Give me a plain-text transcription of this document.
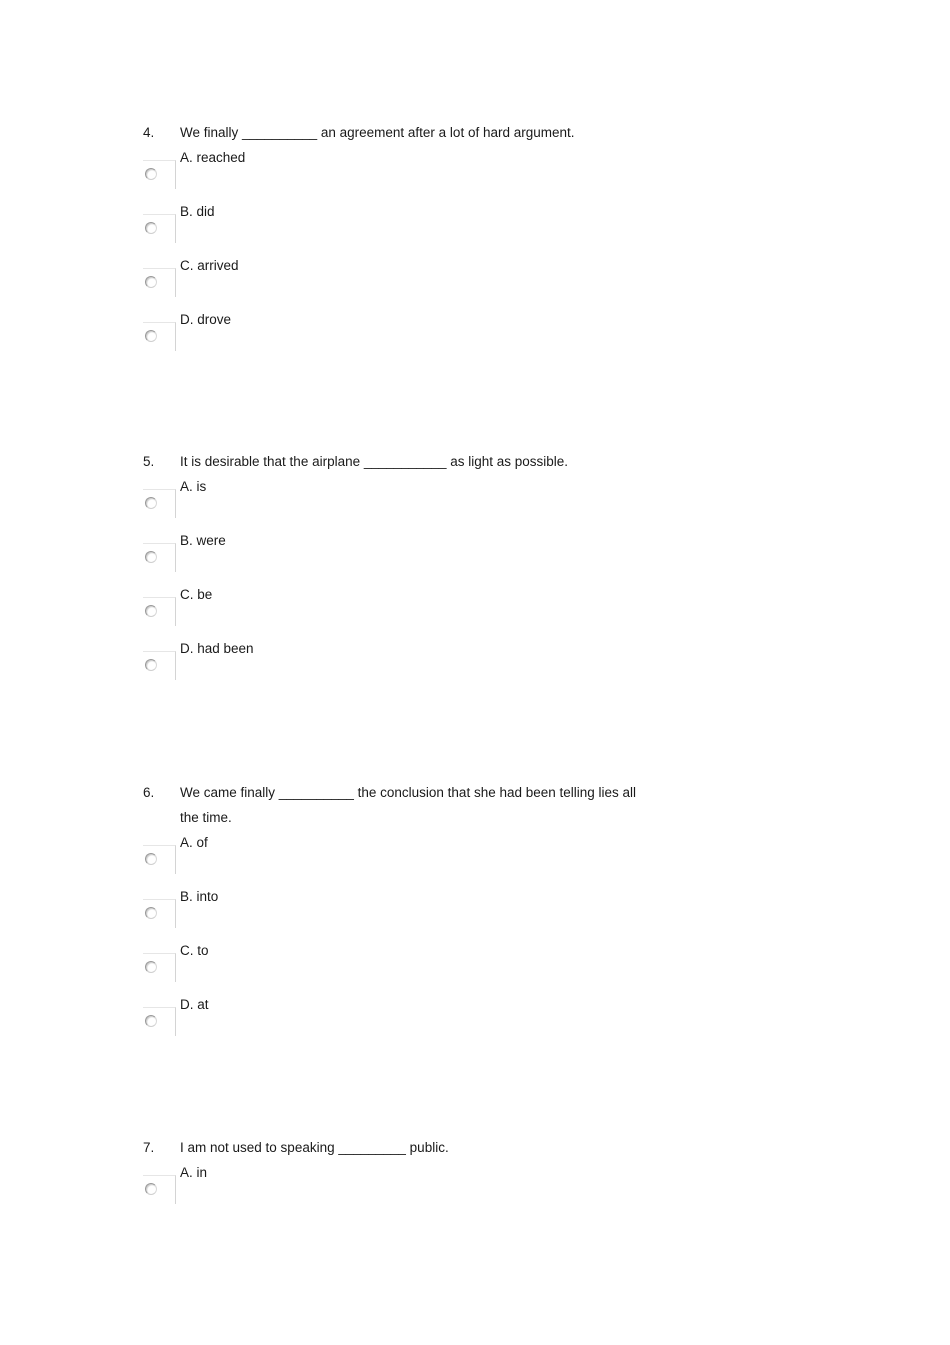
4. We finally __________ an agreement after a lot of hard argument.
A. reached
B. did
C. arrived
D. drove
5. It is desirable that the airplane ___________ as light as possible.
A. is
B. were
C. be
D. had been
6. We came finally __________ the conclusion that she had been telling lies all the time.
A. of
B. into
C. to
D. at
7. I am not used to speaking _________ public.
A. in
